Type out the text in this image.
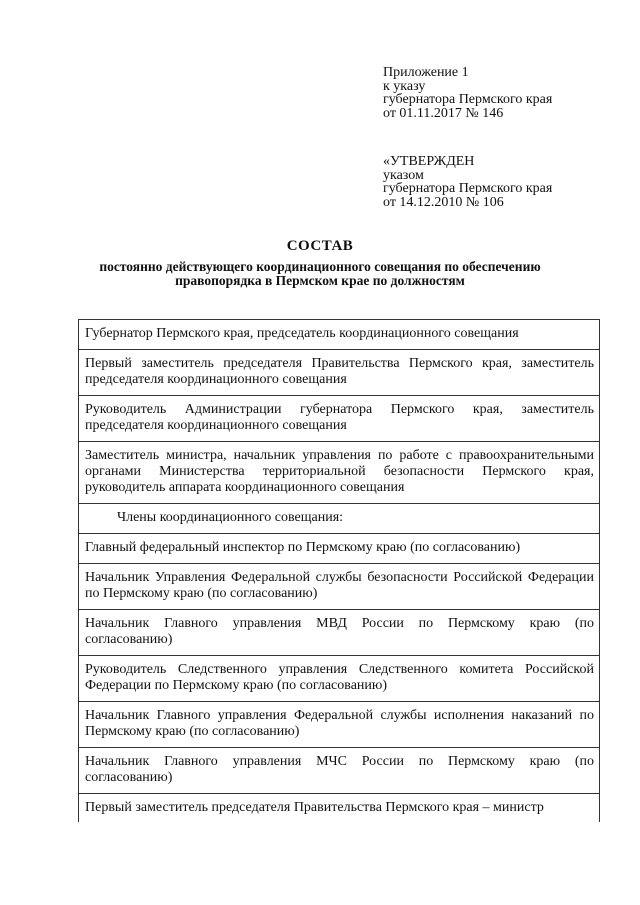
Приложение 1
к указу
губернатора Пермского края
от 01.11.2017 № 146
«УТВЕРЖДЕН
указом
губернатора Пермского края
от 14.12.2010 № 106
СОСТАВ
постоянно действующего координационного совещания по обеспечению
правопорядка в Пермском крае по должностям
Губернатор Пермского края, председатель координационного совещания
Первый заместитель председателя Правительства Пермского края, заместитель председателя координационного совещания
Руководитель Администрации губернатора Пермского края, заместитель председателя координационного совещания
Заместитель министра, начальник управления по работе с правоохранительными органами Министерства территориальной безопасности Пермского края, руководитель аппарата координационного совещания
Члены координационного совещания:
Главный федеральный инспектор по Пермскому краю (по согласованию)
Начальник Управления Федеральной службы безопасности Российской Федерации по Пермскому краю (по согласованию)
Начальник Главного управления МВД России по Пермскому краю (по согласованию)
Руководитель Следственного управления Следственного комитета Российской Федерации по Пермскому краю (по согласованию)
Начальник Главного управления Федеральной службы исполнения наказаний по Пермскому краю (по согласованию)
Начальник Главного управления МЧС России по Пермскому краю (по согласованию)
Первый заместитель председателя Правительства Пермского края – министр
